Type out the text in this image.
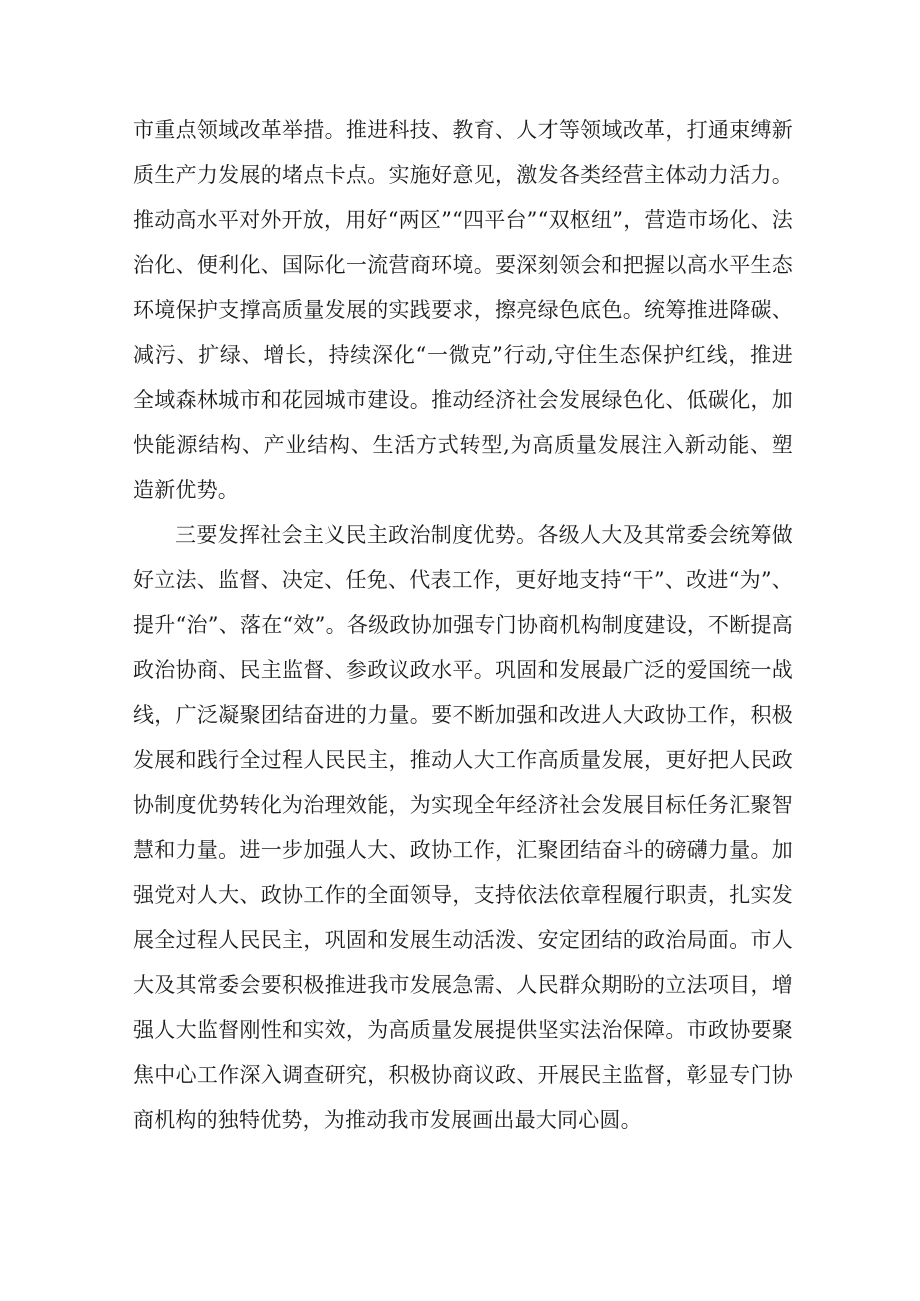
市重点领域改革举措。推进科技、教育、人才等领域改革，打通束缚新质生产力发展的堵点卡点。实施好意见，激发各类经营主体动力活力。推动高水平对外开放，用好“两区”“四平台”“双枢纽”，营造市场化、法治化、便利化、国际化一流营商环境。要深刻领会和把握以高水平生态环境保护支撑高质量发展的实践要求，擦亮绿色底色。统筹推进降碳、减污、扩绿、增长，持续深化“一微克”行动,守住生态保护红线，推进全域森林城市和花园城市建设。推动经济社会发展绿色化、低碳化，加快能源结构、产业结构、生活方式转型,为高质量发展注入新动能、塑造新优势。

三要发挥社会主义民主政治制度优势。各级人大及其常委会统筹做好立法、监督、决定、任免、代表工作，更好地支持“干”、改进“为”、提升“治”、落在“效”。各级政协加强专门协商机构制度建设，不断提高政治协商、民主监督、参政议政水平。巩固和发展最广泛的爱国统一战线，广泛凝聚团结奋进的力量。要不断加强和改进人大政协工作，积极发展和践行全过程人民民主，推动人大工作高质量发展，更好把人民政协制度优势转化为治理效能，为实现全年经济社会发展目标任务汇聚智慧和力量。进一步加强人大、政协工作，汇聚团结奋斗的磅礴力量。加强党对人大、政协工作的全面领导，支持依法依章程履行职责，扎实发展全过程人民民主，巩固和发展生动活泼、安定团结的政治局面。市人大及其常委会要积极推进我市发展急需、人民群众期盼的立法项目，增强人大监督刚性和实效，为高质量发展提供坚实法治保障。市政协要聚焦中心工作深入调查研究，积极协商议政、开展民主监督，彰显专门协商机构的独特优势，为推动我市发展画出最大同心圆。
